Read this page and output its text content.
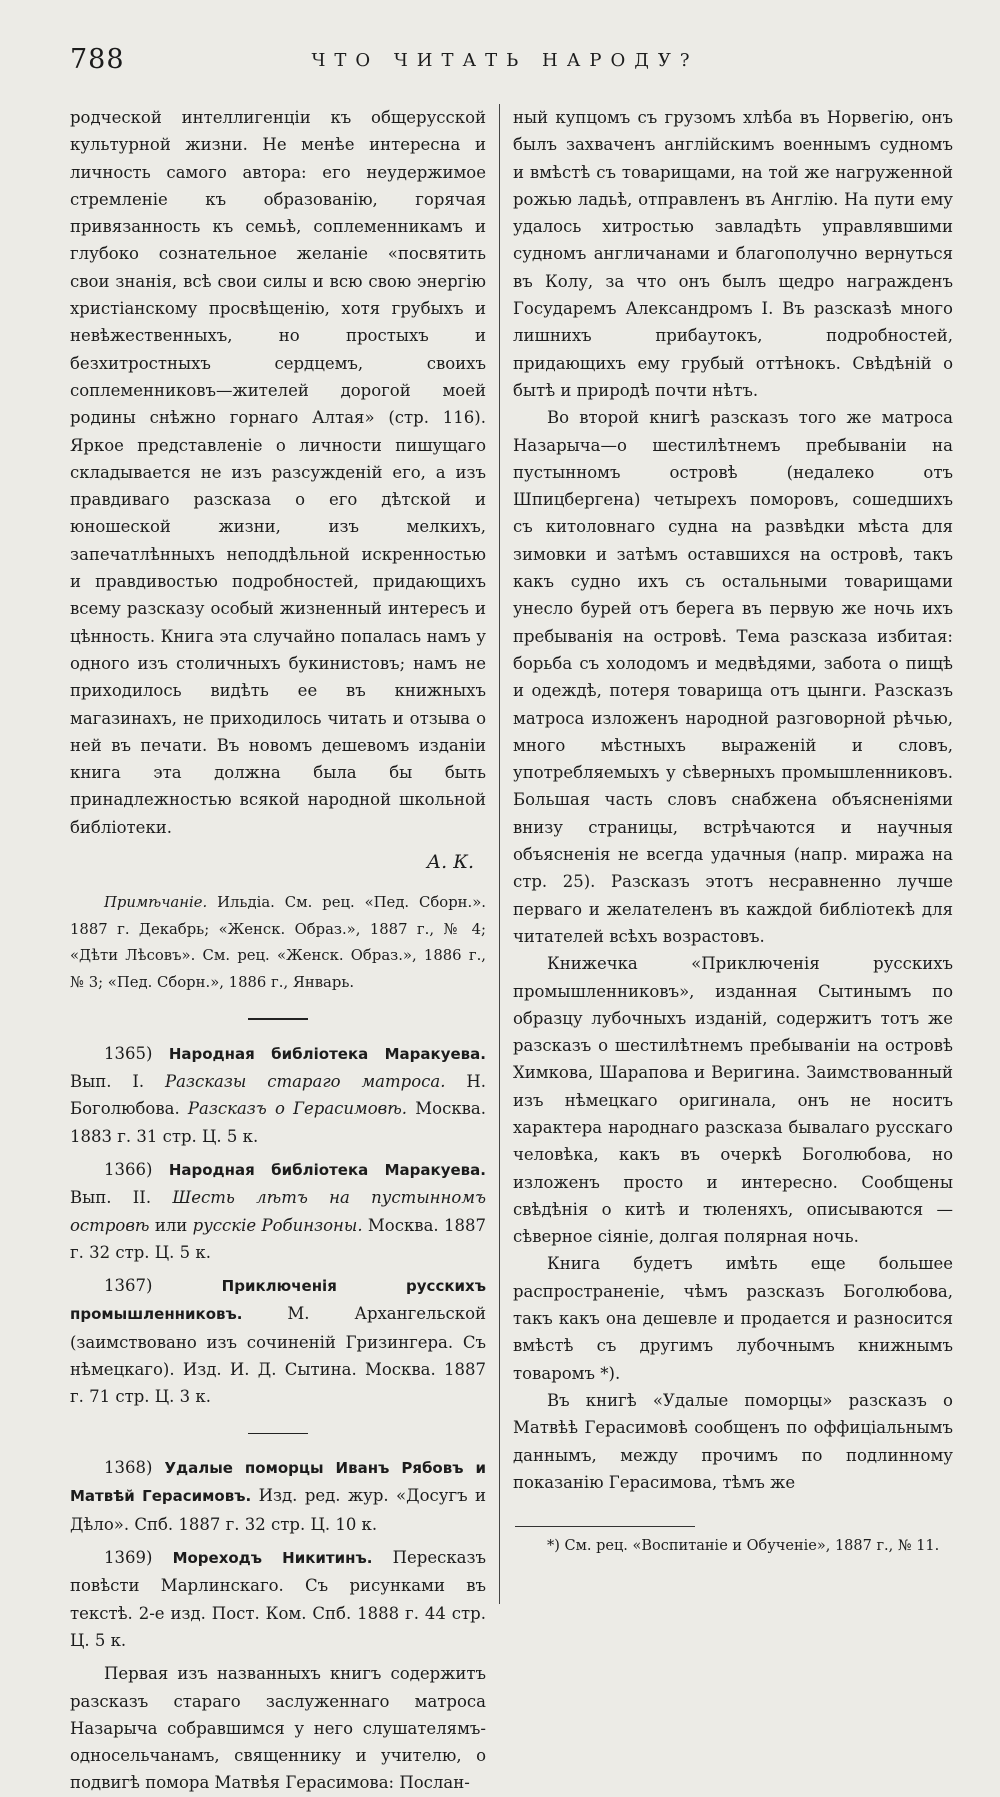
788	ЧТО ЧИТАТЬ НАРОДУ?

родческой интеллигенціи къ общерусской культурной жизни. Не менѣе интересна и личность самого автора: его неудержимое стремленіе къ образованію, горячая привязанность къ семьѣ, соплеменникамъ и глубоко сознательное желаніе «посвятить свои знанія, всѣ свои силы и всю свою энергію христіанскому просвѣщенію, хотя грубыхъ и невѣжественныхъ, но простыхъ и безхитростныхъ сердцемъ, своихъ соплеменниковъ—жителей дорогой моей родины снѣжно горнаго Алтая» (стр. 116). Яркое представленіе о личности пишущаго складывается не изъ разсужденій его, а изъ правдиваго разсказа о его дѣтской и юношеской жизни, изъ мелкихъ, запечатлѣнныхъ неподдѣльной искренностью и правдивостью подробностей, придающихъ всему разсказу особый жизненный интересъ и цѣнность. Книга эта случайно попалась намъ у одного изъ столичныхъ букинистовъ; намъ не приходилось видѣть ее въ книжныхъ магазинахъ, не приходилось читать и отзыва о ней въ печати. Въ новомъ дешевомъ изданіи книга эта должна была бы быть принадлежностью всякой народной школьной библіотеки.

А. К.

Примѣчаніе. Ильдіа. См. рец. «Пед. Сборн.». 1887 г. Декабрь; «Женск. Образ.», 1887 г., № 4; «Дѣти Лѣсовъ». См. рец. «Женск. Образ.», 1886 г., № 3; «Пед. Сборн.», 1886 г., Январь.

1365) Народная библіотека Маракуева. Вып. I. Разсказы стараго матроса. Н. Боголюбова. Разсказъ о Герасимовѣ. Москва. 1883 г. 31 стр. Ц. 5 к.

1366) Народная библіотека Маракуева. Вып. II. Шесть лѣтъ на пустынномъ островѣ или русскіе Робинзоны. Москва. 1887 г. 32 стр. Ц. 5 к.

1367) Приключенія русскихъ промышленниковъ. М. Архангельской (заимствовано изъ сочиненій Гризингера. Съ нѣмецкаго). Изд. И. Д. Сытина. Москва. 1887 г. 71 стр. Ц. 3 к.

1368) Удалые поморцы Иванъ Рябовъ и Матвѣй Герасимовъ. Изд. ред. жур. «Досугъ и Дѣло». Спб. 1887 г. 32 стр. Ц. 10 к.

1369) Мореходъ Никитинъ. Пересказъ повѣсти Марлинскаго. Съ рисунками въ текстѣ. 2-е изд. Пост. Ком. Спб. 1888 г. 44 стр. Ц. 5 к.

Первая изъ названныхъ книгъ содержитъ разсказъ стараго заслуженнаго матроса Назарыча собравшимся у него слушателямъ-односельчанамъ, священнику и учителю, о подвигѣ помора Матвѣя Герасимова: Послан-

ный купцомъ съ грузомъ хлѣба въ Норвегію, онъ былъ захваченъ англійскимъ военнымъ судномъ и вмѣстѣ съ товарищами, на той же нагруженной рожью ладьѣ, отправленъ въ Англію. На пути ему удалось хитростью завладѣть управлявшими судномъ англичанами и благополучно вернуться въ Колу, за что онъ былъ щедро награжденъ Государемъ Александромъ I. Въ разсказѣ много лишнихъ прибаутокъ, подробностей, придающихъ ему грубый оттѣнокъ. Свѣдѣній о бытѣ и природѣ почти нѣтъ.

Во второй книгѣ разсказъ того же матроса Назарыча—о шестилѣтнемъ пребываніи на пустынномъ островѣ (недалеко отъ Шпицбергена) четырехъ поморовъ, сошедшихъ съ китоловнаго судна на развѣдки мѣста для зимовки и затѣмъ оставшихся на островѣ, такъ какъ судно ихъ съ остальными товарищами унесло бурей отъ берега въ первую же ночь ихъ пребыванія на островѣ. Тема разсказа избитая: борьба съ холодомъ и медвѣдями, забота о пищѣ и одеждѣ, потеря товарища отъ цынги. Разсказъ матроса изложенъ народной разговорной рѣчью, много мѣстныхъ выраженій и словъ, употребляемыхъ у сѣверныхъ промышленниковъ. Большая часть словъ снабжена объясненіями внизу страницы, встрѣчаются и научныя объясненія не всегда удачныя (напр. миража на стр. 25). Разсказъ этотъ несравненно лучше перваго и желателенъ въ каждой библіотекѣ для читателей всѣхъ возрастовъ.

Книжечка «Приключенія русскихъ промышленниковъ», изданная Сытинымъ по образцу лубочныхъ изданій, содержитъ тотъ же разсказъ о шестилѣтнемъ пребываніи на островѣ Химкова, Шарапова и Веригина. Заимствованный изъ нѣмецкаго оригинала, онъ не носитъ характера народнаго разсказа бывалаго русскаго человѣка, какъ въ очеркѣ Боголюбова, но изложенъ просто и интересно. Сообщены свѣдѣнія о китѣ и тюленяхъ, описываются — сѣверное сіяніе, долгая полярная ночь.

Книга будетъ имѣть еще большее распространеніе, чѣмъ разсказъ Боголюбова, такъ какъ она дешевле и продается и разносится вмѣстѣ съ другимъ лубочнымъ книжнымъ товаромъ *).

Въ книгѣ «Удалые поморцы» разсказъ о Матвѣѣ Герасимовѣ сообщенъ по оффиціальнымъ даннымъ, между прочимъ по подлинному показанію Герасимова, тѣмъ же

*) См. рец. «Воспитаніе и Обученіе», 1887 г., № 11.
